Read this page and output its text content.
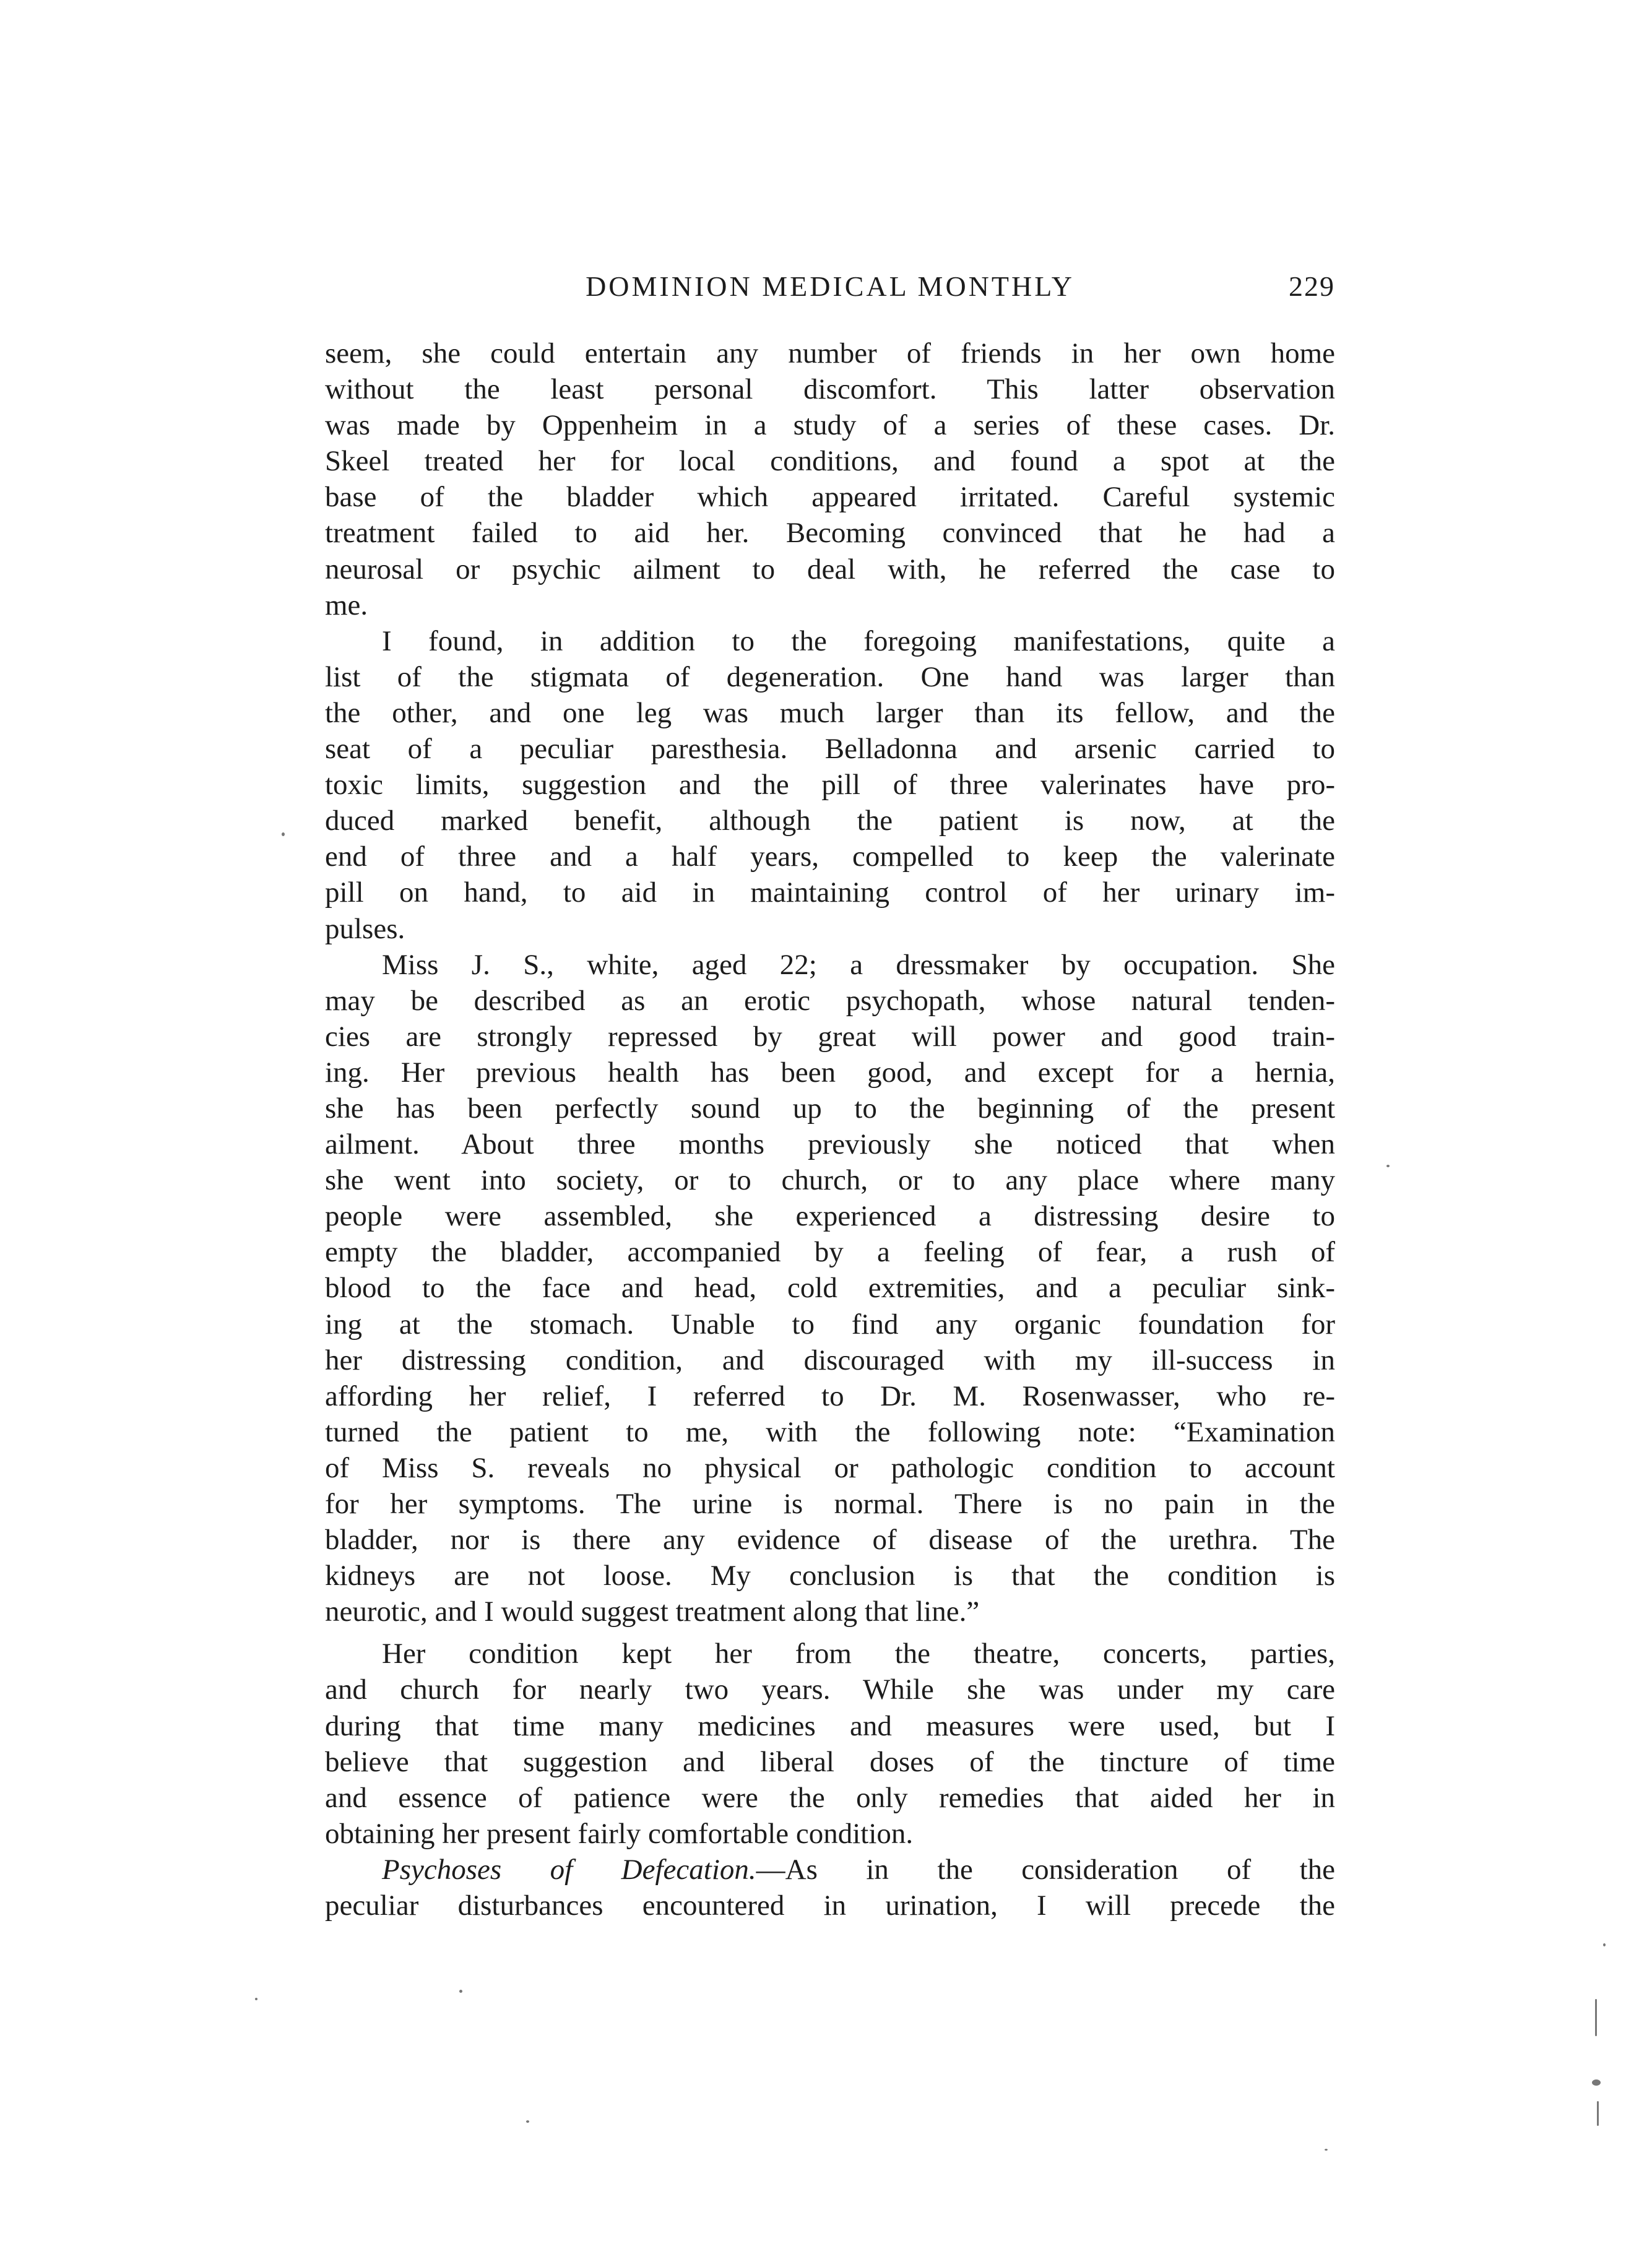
DOMINION MEDICAL MONTHLY	229
seem, she could entertain any number of friends in her own home
without the least personal discomfort. This latter observation
was made by Oppenheim in a study of a series of these cases. Dr.
Skeel treated her for local conditions, and found a spot at the
base of the bladder which appeared irritated. Careful systemic
treatment failed to aid her. Becoming convinced that he had a
neurosal or psychic ailment to deal with, he referred the case to
me.
I found, in addition to the foregoing manifestations, quite a
list of the stigmata of degeneration. One hand was larger than
the other, and one leg was much larger than its fellow, and the
seat of a peculiar paresthesia. Belladonna and arsenic carried to
toxic limits, suggestion and the pill of three valerinates have pro-
duced marked benefit, although the patient is now, at the
end of three and a half years, compelled to keep the valerinate
pill on hand, to aid in maintaining control of her urinary im-
pulses.
Miss J. S., white, aged 22; a dressmaker by occupation. She
may be described as an erotic psychopath, whose natural tenden-
cies are strongly repressed by great will power and good train-
ing. Her previous health has been good, and except for a hernia,
she has been perfectly sound up to the beginning of the present
ailment. About three months previously she noticed that when
she went into society, or to church, or to any place where many
people were assembled, she experienced a distressing desire to
empty the bladder, accompanied by a feeling of fear, a rush of
blood to the face and head, cold extremities, and a peculiar sink-
ing at the stomach. Unable to find any organic foundation for
her distressing condition, and discouraged with my ill-success in
affording her relief, I referred to Dr. M. Rosenwasser, who re-
turned the patient to me, with the following note: “Examination
of Miss S. reveals no physical or pathologic condition to account
for her symptoms. The urine is normal. There is no pain in the
bladder, nor is there any evidence of disease of the urethra. The
kidneys are not loose. My conclusion is that the condition is
neurotic, and I would suggest treatment along that line.”
Her condition kept her from the theatre, concerts, parties,
and church for nearly two years. While she was under my care
during that time many medicines and measures were used, but I
believe that suggestion and liberal doses of the tincture of time
and essence of patience were the only remedies that aided her in
obtaining her present fairly comfortable condition.
Psychoses of Defecation.—As in the consideration of the
peculiar disturbances encountered in urination, I will precede the
